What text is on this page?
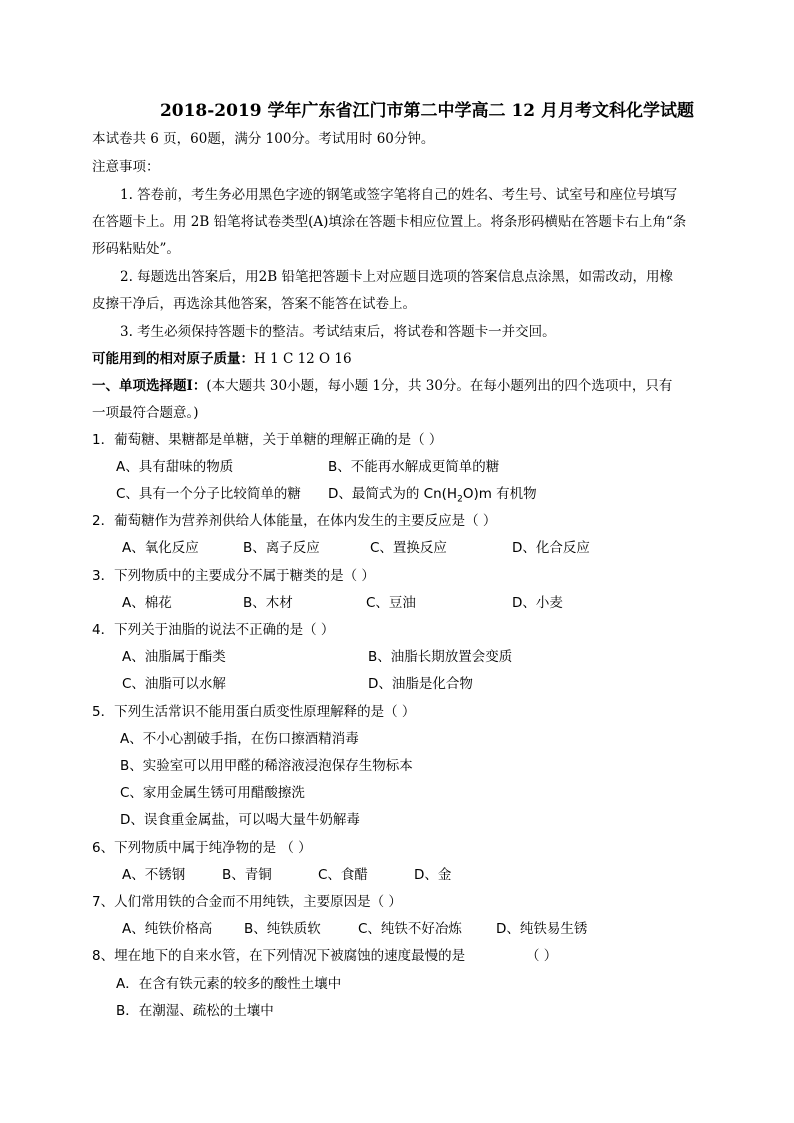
2018-2019 学年广东省江门市第二中学高二 12 月月考文科化学试题
本试卷共 6 页，60题，满分 100分。考试用时 60分钟。
注意事项：
1. 答卷前，考生务必用黑色字迹的钢笔或签字笔将自己的姓名、考生号、试室号和座位号填写
在答题卡上。用 2B 铅笔将试卷类型(A)填涂在答题卡相应位置上。将条形码横贴在答题卡右上角“条
形码粘贴处”。
2. 每题选出答案后，用2B 铅笔把答题卡上对应题目选项的答案信息点涂黑，如需改动，用橡
皮擦干净后，再选涂其他答案，答案不能答在试卷上。
3. 考生必须保持答题卡的整洁。考试结束后，将试卷和答题卡一并交回。
可能用到的相对原子质量：H 1 C 12 O 16
一、单项选择题Ⅰ：(本大题共 30小题，每小题 1分，共 30分。在每小题列出的四个选项中，只有
一项最符合题意。)
1．葡萄糖、果糖都是单糖，关于单糖的理解正确的是（ ）
A、具有甜味的物质	B、不能再水解成更简单的糖
C、具有一个分子比较简单的糖 D、最简式为的 $Cn(H_2O)m$ 有机物
2．葡萄糖作为营养剂供给人体能量，在体内发生的主要反应是（ ）
A、氧化反应	B、离子反应	C、置换反应	D、化合反应
3．下列物质中的主要成分不属于糖类的是（ ）
A、棉花	B、木材	C、豆油	D、小麦
4．下列关于油脂的说法不正确的是（ ）
A、油脂属于酯类	B、油脂长期放置会变质
C、油脂可以水解	D、油脂是化合物
5．下列生活常识不能用蛋白质变性原理解释的是（ ）
A、不小心割破手指，在伤口擦酒精消毒
B、实验室可以用甲醛的稀溶液浸泡保存生物标本
C、家用金属生锈可用醋酸擦洗
D、误食重金属盐，可以喝大量牛奶解毒
6、下列物质中属于纯净物的是 （ ）
A、不锈钢	B、青铜	C、食醋	D、金
7、人们常用铁的合金而不用纯铁，主要原因是（ ）
A、纯铁价格高 B、纯铁质软	C、纯铁不好冶炼	D、纯铁易生锈
8、埋在地下的自来水管，在下列情况下被腐蚀的速度最慢的是	（ ）
A．在含有铁元素的较多的酸性土壤中
B．在潮湿、疏松的土壤中
